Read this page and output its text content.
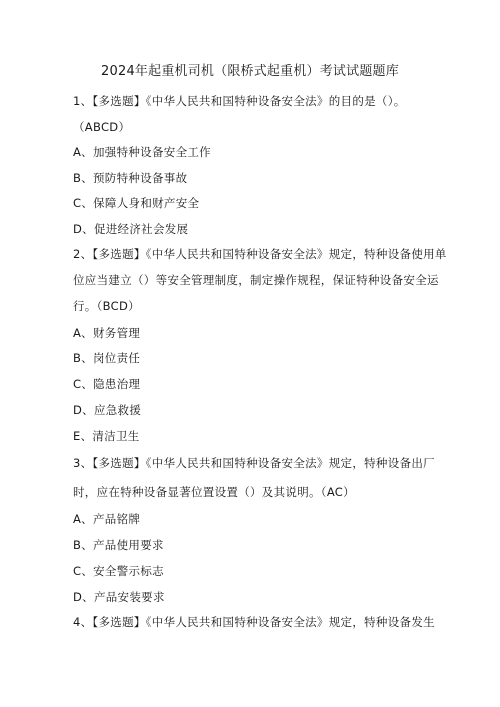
2024年起重机司机（限桥式起重机）考试试题题库
1、【多选题】《中华人民共和国特种设备安全法》的目的是（）。
（ABCD）
A、加强特种设备安全工作
B、预防特种设备事故
C、保障人身和财产安全
D、促进经济社会发展
2、【多选题】《中华人民共和国特种设备安全法》规定，特种设备使用单
位应当建立（）等安全管理制度，制定操作规程，保证特种设备安全运
行。（BCD）
A、财务管理
B、岗位责任
C、隐患治理
D、应急救援
E、清洁卫生
3、【多选题】《中华人民共和国特种设备安全法》规定，特种设备出厂
时，应在特种设备显著位置设置（）及其说明。（AC）
A、产品铭牌
B、产品使用要求
C、安全警示标志
D、产品安装要求
4、【多选题】《中华人民共和国特种设备安全法》规定，特种设备发生
